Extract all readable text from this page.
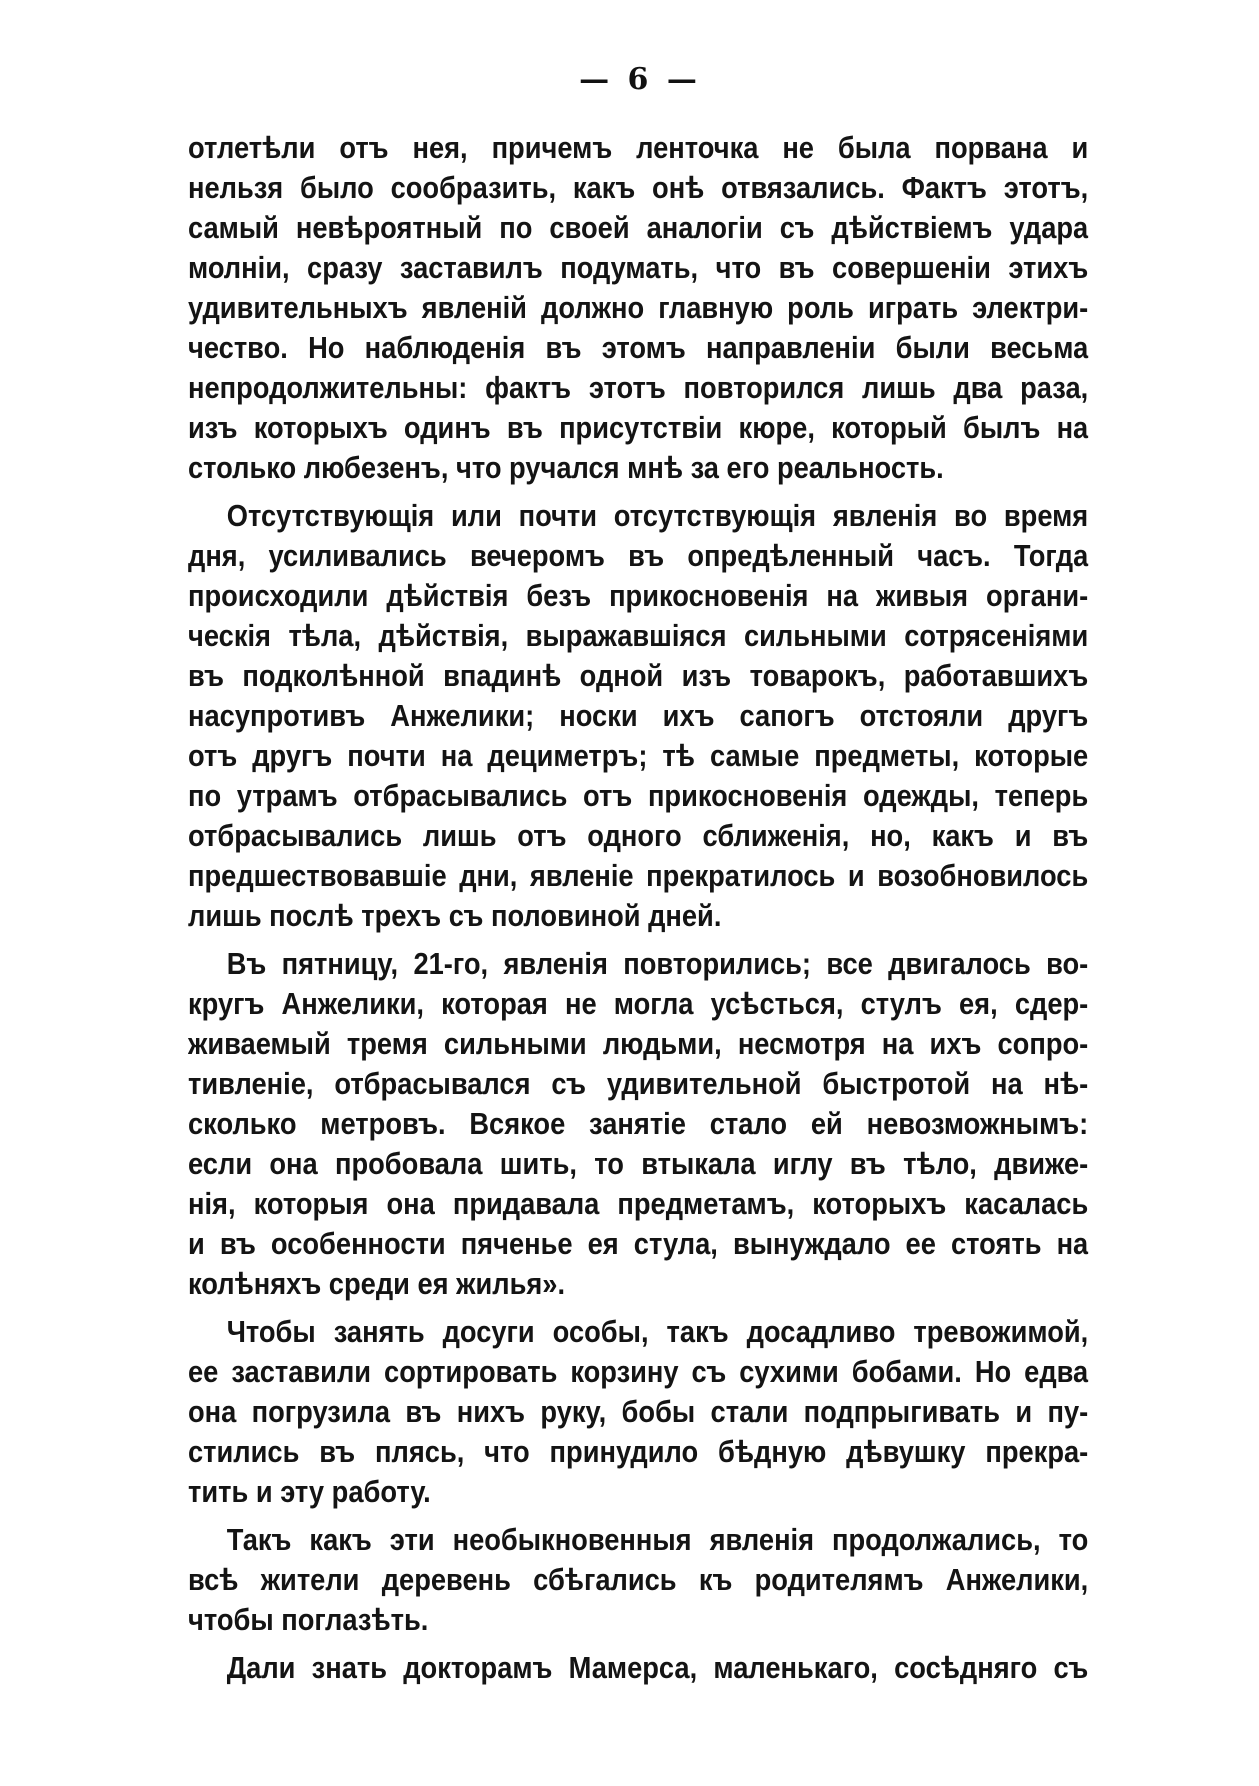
— 6 —
отлетѣли отъ нея, причемъ ленточка не была порвана и
нельзя было сообразить, какъ онѣ отвязались. Фактъ этотъ,
самый невѣроятный по своей аналогіи съ дѣйствіемъ удара
молніи, сразу заставилъ подумать, что въ совершеніи этихъ
удивительныхъ явленій должно главную роль играть электри-
чество. Но наблюденія въ этомъ направленіи были весьма
непродолжительны: фактъ этотъ повторился лишь два раза,
изъ которыхъ одинъ въ присутствіи кюре, который былъ на
столько любезенъ, что ручался мнѣ за его реальность.
Отсутствующія или почти отсутствующія явленія во время
дня, усиливались вечеромъ въ опредѣленный часъ. Тогда
происходили дѣйствія безъ прикосновенія на живыя органи-
ческія тѣла, дѣйствія, выражавшіяся сильными сотрясеніями
въ подколѣнной впадинѣ одной изъ товарокъ, работавшихъ
насупротивъ Анжелики; носки ихъ сапогъ отстояли другъ
отъ другъ почти на дециметръ; тѣ самые предметы, которые
по утрамъ отбрасывались отъ прикосновенія одежды, теперь
отбрасывались лишь отъ одного сближенія, но, какъ и въ
предшествовавшіе дни, явленіе прекратилось и возобновилось
лишь послѣ трехъ съ половиной дней.
Въ пятницу, 21-го, явленія повторились; все двигалось во-
кругъ Анжелики, которая не могла усѣсться, стулъ ея, сдер-
живаемый тремя сильными людьми, несмотря на ихъ сопро-
тивленіе, отбрасывался съ удивительной быстротой на нѣ-
сколько метровъ. Всякое занятіе стало ей невозможнымъ:
если она пробовала шить, то втыкала иглу въ тѣло, движе-
нія, которыя она придавала предметамъ, которыхъ касалась
и въ особенности пяченье ея стула, вынуждало ее стоять на
колѣняхъ среди ея жилья».
Чтобы занять досуги особы, такъ досадливо тревожимой,
ее заставили сортировать корзину съ сухими бобами. Но едва
она погрузила въ нихъ руку, бобы стали подпрыгивать и пу-
стились въ плясь, что принудило бѣдную дѣвушку прекра-
тить и эту работу.
Такъ какъ эти необыкновенныя явленія продолжались, то
всѣ жители деревень сбѣгались къ родителямъ Анжелики,
чтобы поглазѣть.
Дали знать докторамъ Мамерса, маленькаго, сосѣдняго съ
